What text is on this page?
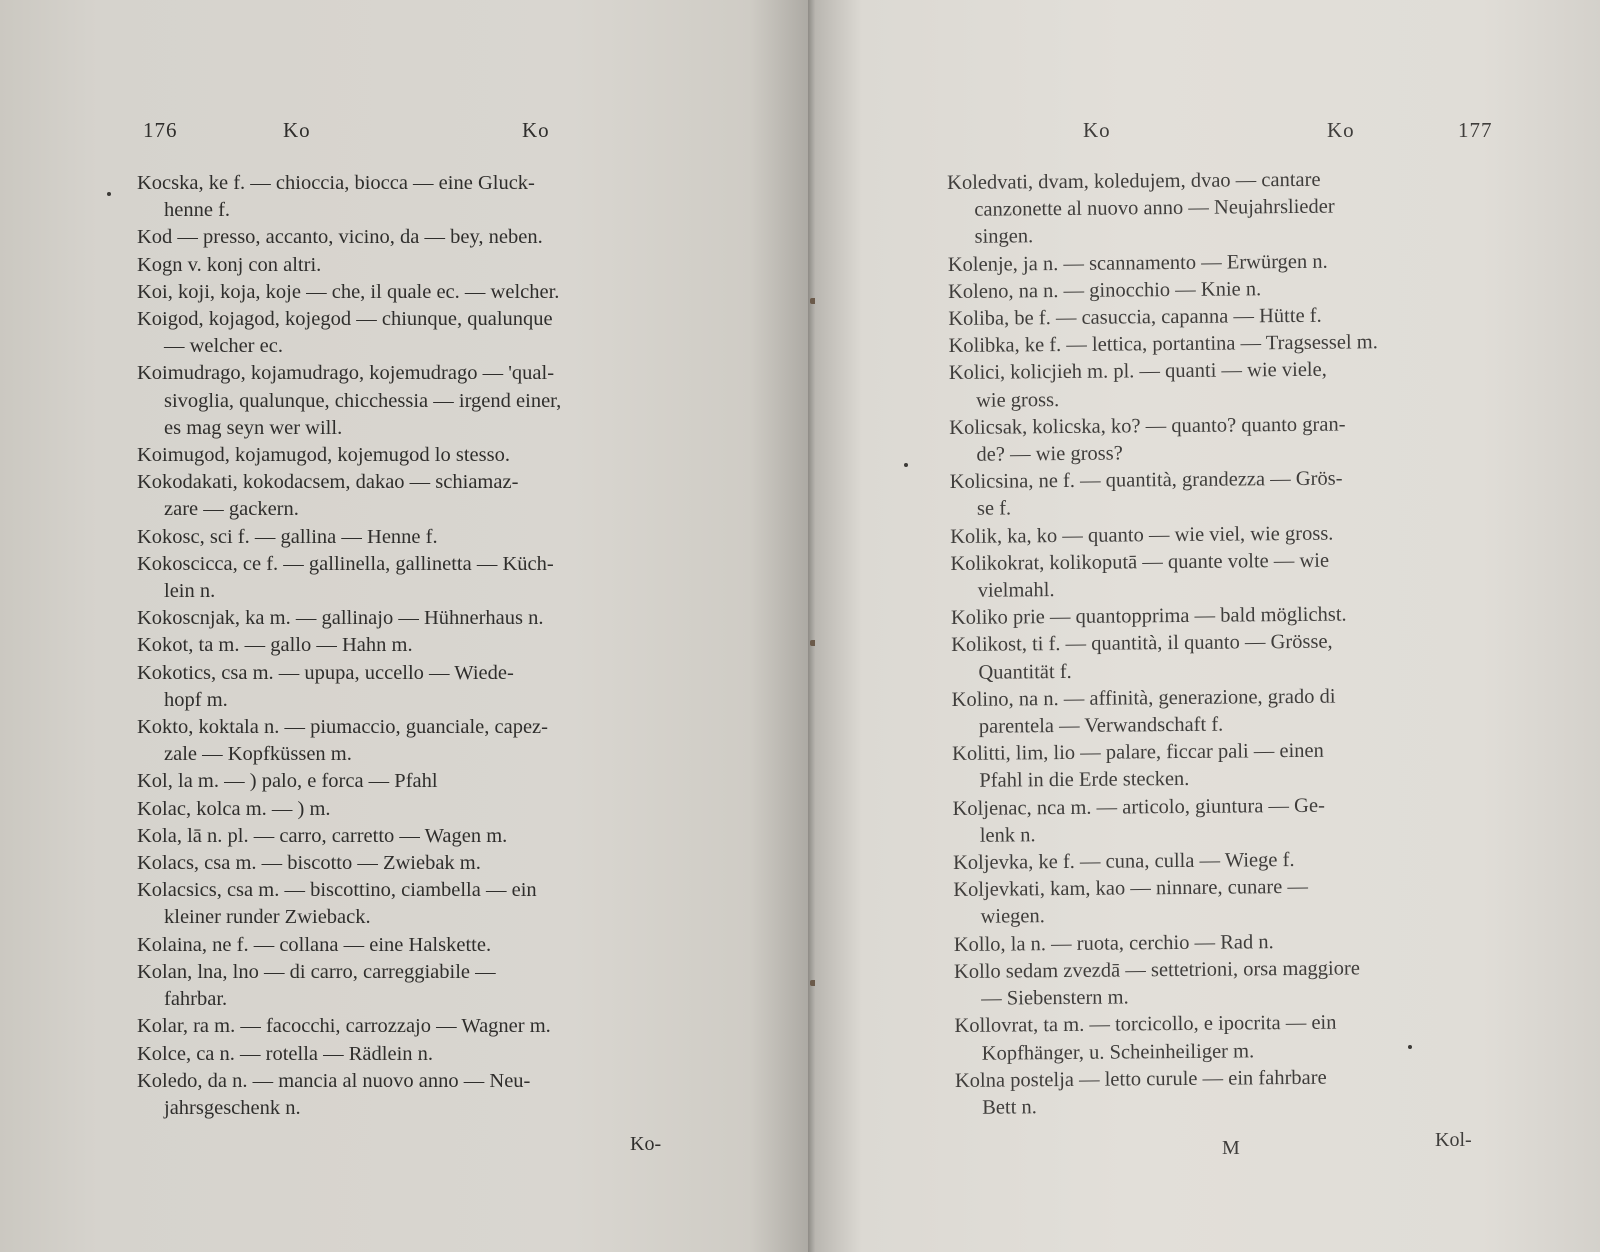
176	Ko	Ko
Kocska, ke f. — chioccia, biocca — eine Gluck-
henne f.
Kod — presso, accanto, vicino, da — bey, neben.
Kogn v. konj con altri.
Koi, koji, koja, koje — che, il quale ec. — welcher.
Koigod, kojagod, kojegod — chiunque, qualunque
— welcher ec.
Koimudrago, kojamudrago, kojemudrago — 'qual-
sivoglia, qualunque, chicchessia — irgend einer,
es mag seyn wer will.
Koimugod, kojamugod, kojemugod lo stesso.
Kokodakati, kokodacsem, dakao — schiamaz-
zare — gackern.
Kokosc, sci f. — gallina — Henne f.
Kokoscicca, ce f. — gallinella, gallinetta — Küch-
lein n.
Kokoscnjak, ka m. — gallinajo — Hühnerhaus n.
Kokot, ta m. — gallo — Hahn m.
Kokotics, csa m. — upupa, uccello — Wiede-
hopf m.
Kokto, koktala n. — piumaccio, guanciale, capez-
zale — Kopfküssen m.
Kol, la m. — ) palo, e forca — Pfahl
Kolac, kolca m. — ) m.
Kola, lā n. pl. — carro, carretto — Wagen m.
Kolacs, csa m. — biscotto — Zwiebak m.
Kolacsics, csa m. — biscottino, ciambella — ein
kleiner runder Zwieback.
Kolaina, ne f. — collana — eine Halskette.
Kolan, lna, lno — di carro, carreggiabile —
fahrbar.
Kolar, ra m. — facocchi, carrozzajo — Wagner m.
Kolce, ca n. — rotella — Rädlein n.
Koledo, da n. — mancia al nuovo anno — Neu-
jahrsgeschenk n.
Ko-
Ko	Ko	177
Koledvati, dvam, koledujem, dvao — cantare
canzonette al nuovo anno — Neujahrslieder
singen.
Kolenje, ja n. — scannamento — Erwürgen n.
Koleno, na n. — ginocchio — Knie n.
Koliba, be f. — casuccia, capanna — Hütte f.
Kolibka, ke f. — lettica, portantina — Tragsessel m.
Kolici, kolicjieh m. pl. — quanti — wie viele,
wie gross.
Kolicsak, kolicska, ko? — quanto? quanto gran-
de? — wie gross?
Kolicsina, ne f. — quantità, grandezza — Grös-
se f.
Kolik, ka, ko — quanto — wie viel, wie gross.
Kolikokrat, kolikoputā — quante volte — wie
vielmahl.
Koliko prie — quantopprima — bald möglichst.
Kolikost, ti f. — quantità, il quanto — Grösse,
Quantität f.
Kolino, na n. — affinità, generazione, grado di
parentela — Verwandschaft f.
Kolitti, lim, lio — palare, ficcar pali — einen
Pfahl in die Erde stecken.
Koljenac, nca m. — articolo, giuntura — Ge-
lenk n.
Koljevka, ke f. — cuna, culla — Wiege f.
Koljevkati, kam, kao — ninnare, cunare —
wiegen.
Kollo, la n. — ruota, cerchio — Rad n.
Kollo sedam zvezdā — settetrioni, orsa maggiore
— Siebenstern m.
Kollovrat, ta m. — torcicollo, e ipocrita — ein
Kopfhänger, u. Scheinheiliger m.
Kolna postelja — letto curule — ein fahrbare
Bett n.
M	Kol-
